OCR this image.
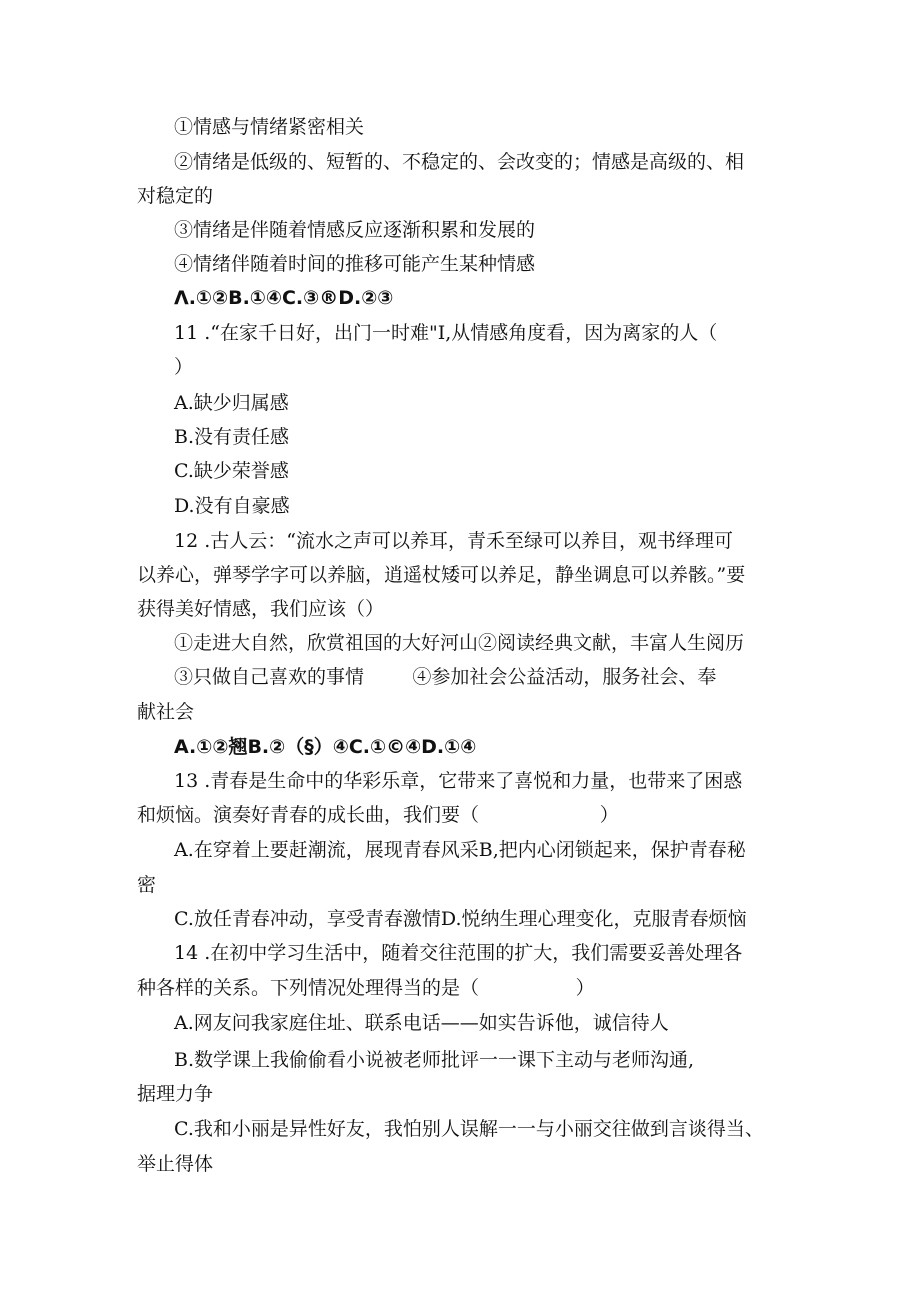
①情感与情绪紧密相关
②情绪是低级的、短暂的、不稳定的、会改变的；情感是高级的、相
对稳定的
③情绪是伴随着情感反应逐渐积累和发展的
④情绪伴随着时间的推移可能产生某种情感
Λ.①②B.①④C.③®D.②③
11 .“在家千日好，出门一时难"I,从情感角度看，因为离家的人（
）
A.缺少归属感
B.没有责任感
C.缺少荣誉感
D.没有自豪感
12 .古人云：“流水之声可以养耳，青禾至绿可以养目，观书绎理可
以养心，弹琴学字可以养脑，逍遥杖矮可以养足，静坐调息可以养骸。”要
获得美好情感，我们应该（）
①走进大自然，欣赏祖国的大好河山②阅读经典文献，丰富人生阅历
③只做自己喜欢的事情        ④参加社会公益活动，服务社会、奉
献社会
A.①②翘B.②（§）④C.①©④D.①④
13 .青春是生命中的华彩乐章，它带来了喜悦和力量，也带来了困惑
和烦恼。演奏好青春的成长曲，我们要（                    ）
A.在穿着上要赶潮流，展现青春风采B,把内心闭锁起来，保护青春秘
密
C.放任青春冲动，享受青春激情D.悦纳生理心理变化，克服青春烦恼
14 .在初中学习生活中，随着交往范围的扩大，我们需要妥善处理各
种各样的关系。下列情况处理得当的是（                ）
A.网友问我家庭住址、联系电话——如实告诉他，诚信待人
B.数学课上我偷偷看小说被老师批评一一课下主动与老师沟通,
据理力争
C.我和小丽是异性好友，我怕别人误解一一与小丽交往做到言谈得当、
举止得体
